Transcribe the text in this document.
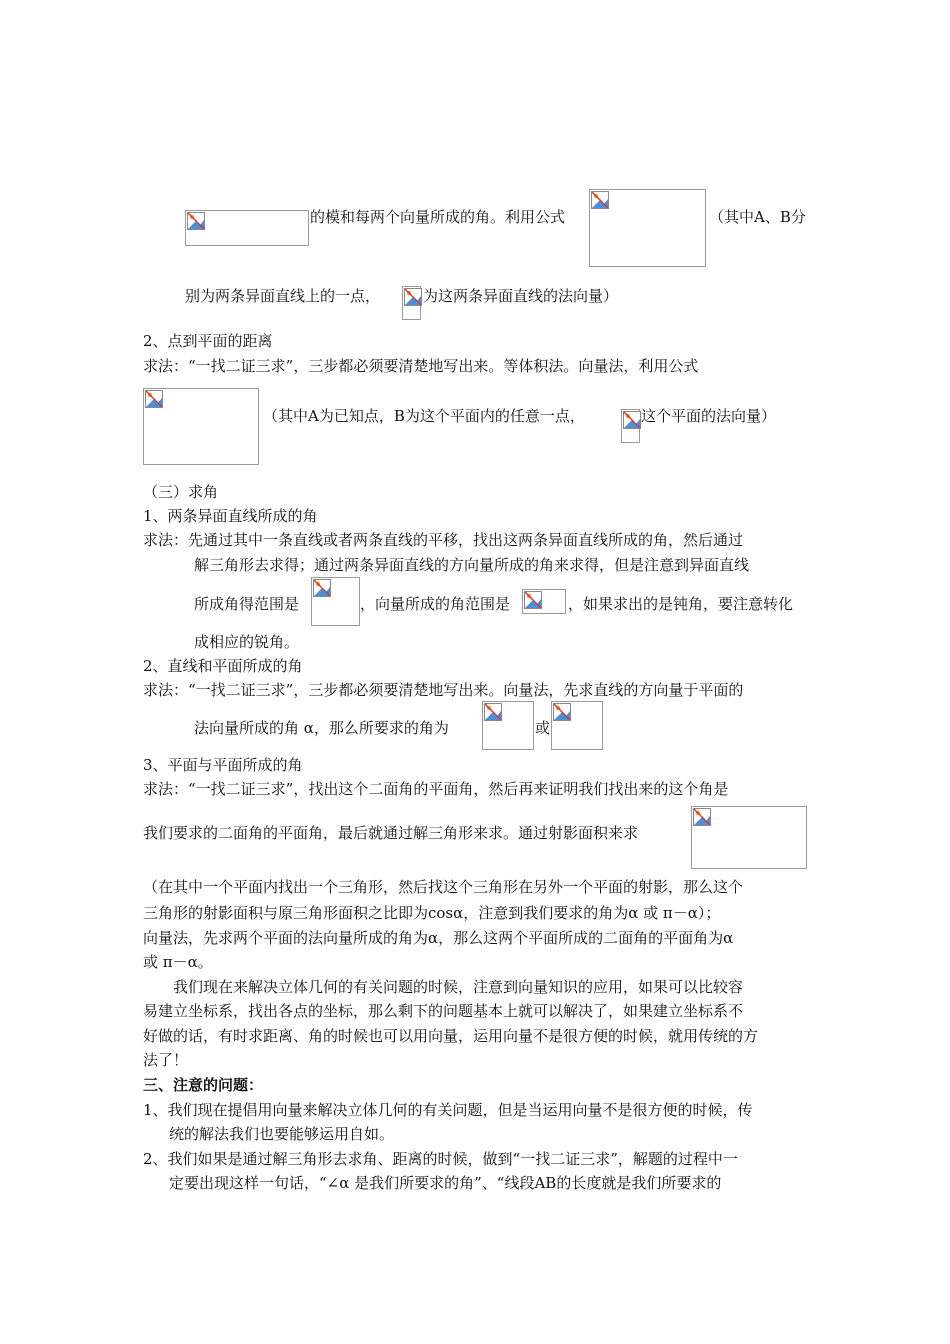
的模和每两个向量所成的角。利用公式	（其中A、B分
别为两条异面直线上的一点，	为这两条异面直线的法向量）
2、点到平面的距离
求法：“一找二证三求”，三步都必须要清楚地写出来。等体积法。向量法，利用公式
（其中A为已知点，B为这个平面内的任意一点，	这个平面的法向量）
（三）求角
1、两条异面直线所成的角
求法：先通过其中一条直线或者两条直线的平移，找出这两条异面直线所成的角，然后通过
解三角形去求得；通过两条异面直线的方向量所成的角来求得，但是注意到异面直线
所成角得范围是	，向量所成的角范围是	，如果求出的是钝角，要注意转化
成相应的锐角。
2、直线和平面所成的角
求法：“一找二证三求”，三步都必须要清楚地写出来。向量法，先求直线的方向量于平面的
法向量所成的角 α，那么所要求的角为	或
3、平面与平面所成的角
求法：“一找二证三求”，找出这个二面角的平面角，然后再来证明我们找出来的这个角是
我们要求的二面角的平面角，最后就通过解三角形来求。通过射影面积来求
（在其中一个平面内找出一个三角形，然后找这个三角形在另外一个平面的射影，那么这个
三角形的射影面积与原三角形面积之比即为cosα，注意到我们要求的角为α 或 π－α）；
向量法，先求两个平面的法向量所成的角为α，那么这两个平面所成的二面角的平面角为α
或 π－α。
我们现在来解决立体几何的有关问题的时候，注意到向量知识的应用，如果可以比较容
易建立坐标系，找出各点的坐标，那么剩下的问题基本上就可以解决了，如果建立坐标系不
好做的话，有时求距离、角的时候也可以用向量，运用向量不是很方便的时候，就用传统的方
法了！
三、注意的问题：
1、我们现在提倡用向量来解决立体几何的有关问题，但是当运用向量不是很方便的时候，传
统的解法我们也要能够运用自如。
2、我们如果是通过解三角形去求角、距离的时候，做到“一找二证三求”，解题的过程中一
定要出现这样一句话，“∠α 是我们所要求的角”、“线段AB的长度就是我们所要求的
